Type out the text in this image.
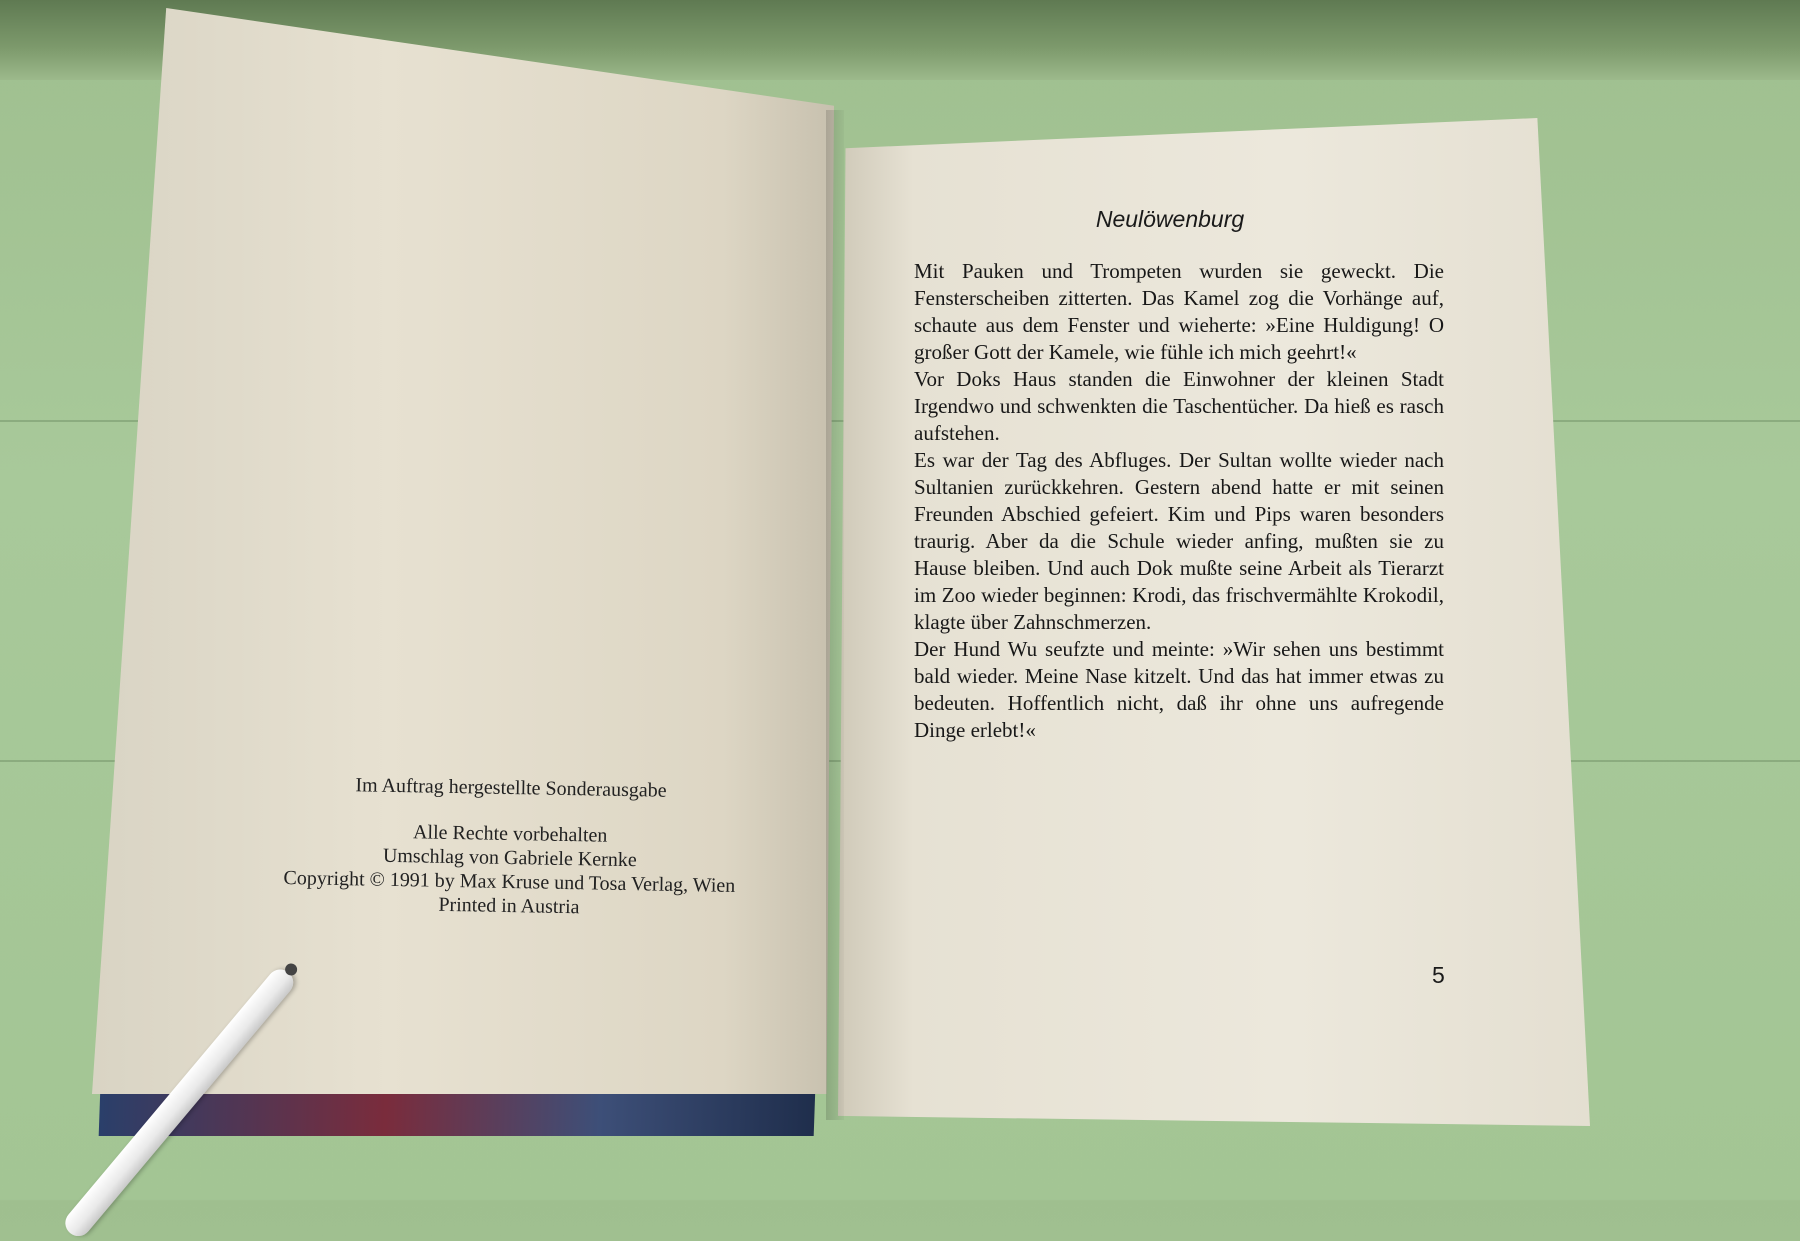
Im Auftrag hergestellte Sonderausgabe
Alle Rechte vorbehalten
Umschlag von Gabriele Kernke
Copyright © 1991 by Max Kruse und Tosa Verlag, Wien
Printed in Austria
Neulöwenburg

Mit Pauken und Trompeten wurden sie geweckt. Die Fensterscheiben zitterten. Das Kamel zog die Vorhänge auf, schaute aus dem Fenster und wieherte: »Eine Huldigung! O großer Gott der Kamele, wie fühle ich mich geehrt!«

Vor Doks Haus standen die Einwohner der kleinen Stadt Irgendwo und schwenkten die Taschentücher. Da hieß es rasch aufstehen.

Es war der Tag des Abfluges. Der Sultan wollte wieder nach Sultanien zurückkehren. Gestern abend hatte er mit seinen Freunden Abschied gefeiert. Kim und Pips waren besonders traurig. Aber da die Schule wieder anfing, mußten sie zu Hause bleiben. Und auch Dok mußte seine Arbeit als Tierarzt im Zoo wieder beginnen: Krodi, das frischvermählte Krokodil, klagte über Zahnschmerzen.

Der Hund Wu seufzte und meinte: »Wir sehen uns bestimmt bald wieder. Meine Nase kitzelt. Und das hat immer etwas zu bedeuten. Hoffentlich nicht, daß ihr ohne uns aufregende Dinge erlebt!«

5
